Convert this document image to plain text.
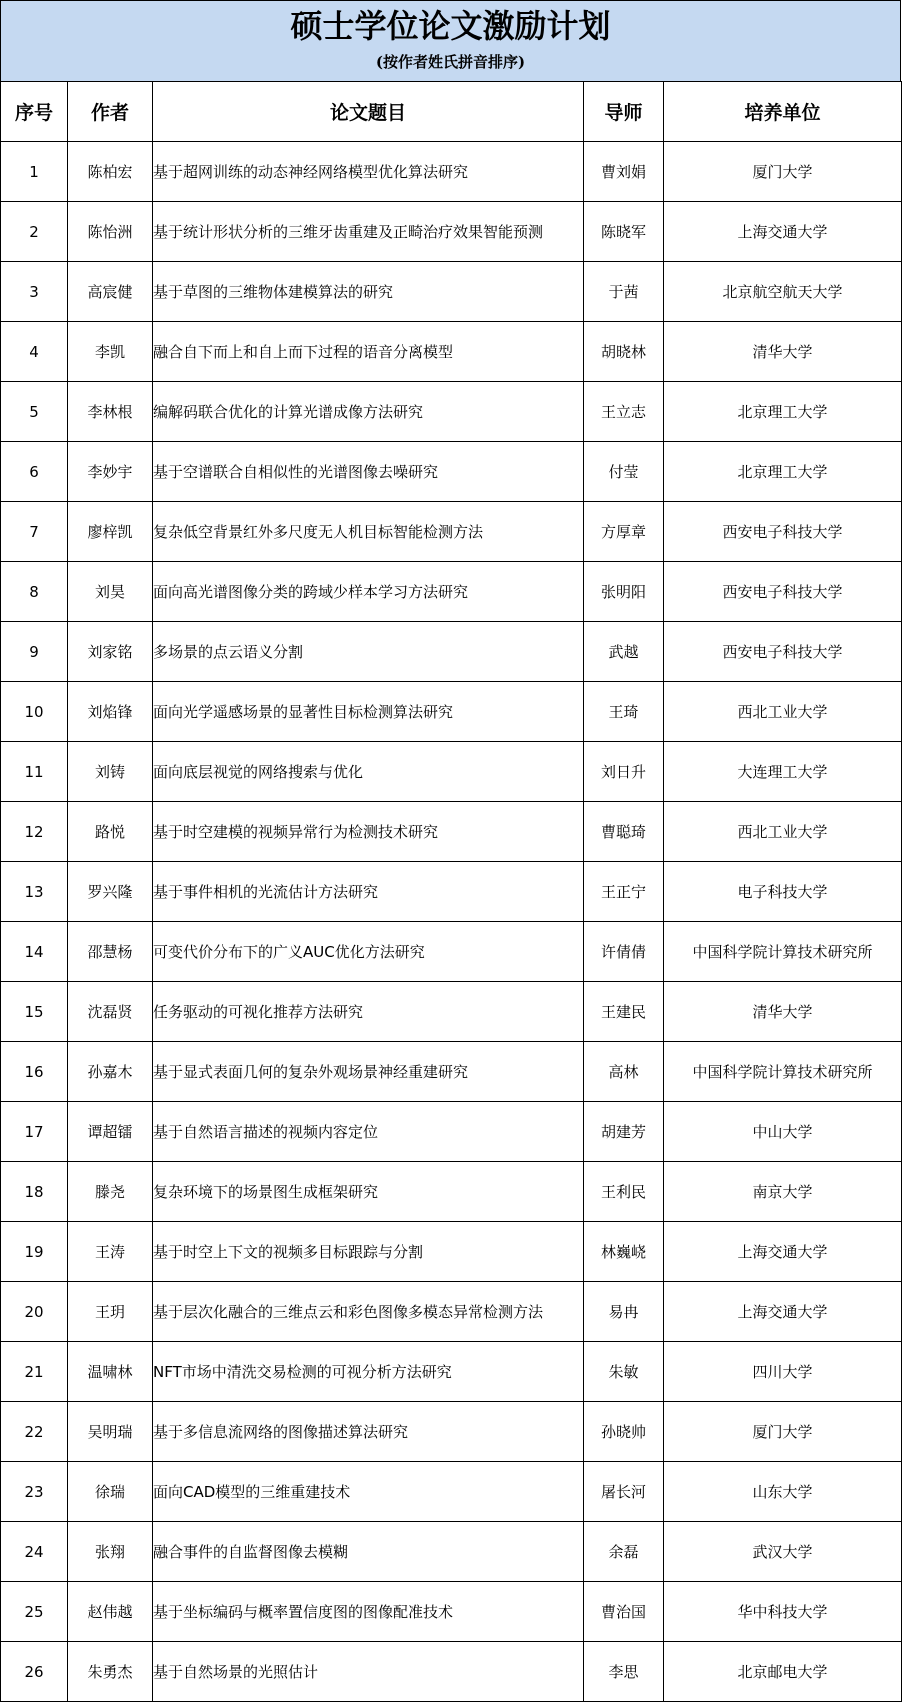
硕士学位论文激励计划
(按作者姓氏拼音排序)
序号	作者	论文题目	导师	培养单位
1	陈柏宏	基于超网训练的动态神经网络模型优化算法研究	曹刘娟	厦门大学
2	陈怡洲	基于统计形状分析的三维牙齿重建及正畸治疗效果智能预测	陈晓军	上海交通大学
3	高宸健	基于草图的三维物体建模算法的研究	于茜	北京航空航天大学
4	李凯	融合自下而上和自上而下过程的语音分离模型	胡晓林	清华大学
5	李林根	编解码联合优化的计算光谱成像方法研究	王立志	北京理工大学
6	李妙宇	基于空谱联合自相似性的光谱图像去噪研究	付莹	北京理工大学
7	廖梓凯	复杂低空背景红外多尺度无人机目标智能检测方法	方厚章	西安电子科技大学
8	刘昊	面向高光谱图像分类的跨域少样本学习方法研究	张明阳	西安电子科技大学
9	刘家铭	多场景的点云语义分割	武越	西安电子科技大学
10	刘焰锋	面向光学遥感场景的显著性目标检测算法研究	王琦	西北工业大学
11	刘铸	面向底层视觉的网络搜索与优化	刘日升	大连理工大学
12	路悦	基于时空建模的视频异常行为检测技术研究	曹聪琦	西北工业大学
13	罗兴隆	基于事件相机的光流估计方法研究	王正宁	电子科技大学
14	邵慧杨	可变代价分布下的广义AUC优化方法研究	许倩倩	中国科学院计算技术研究所
15	沈磊贤	任务驱动的可视化推荐方法研究	王建民	清华大学
16	孙嘉木	基于显式表面几何的复杂外观场景神经重建研究	高林	中国科学院计算技术研究所
17	谭超镭	基于自然语言描述的视频内容定位	胡建芳	中山大学
18	滕尧	复杂环境下的场景图生成框架研究	王利民	南京大学
19	王涛	基于时空上下文的视频多目标跟踪与分割	林巍峣	上海交通大学
20	王玥	基于层次化融合的三维点云和彩色图像多模态异常检测方法	易冉	上海交通大学
21	温啸林	NFT市场中清洗交易检测的可视分析方法研究	朱敏	四川大学
22	吴明瑞	基于多信息流网络的图像描述算法研究	孙晓帅	厦门大学
23	徐瑞	面向CAD模型的三维重建技术	屠长河	山东大学
24	张翔	融合事件的自监督图像去模糊	余磊	武汉大学
25	赵伟越	基于坐标编码与概率置信度图的图像配准技术	曹治国	华中科技大学
26	朱勇杰	基于自然场景的光照估计	李思	北京邮电大学
